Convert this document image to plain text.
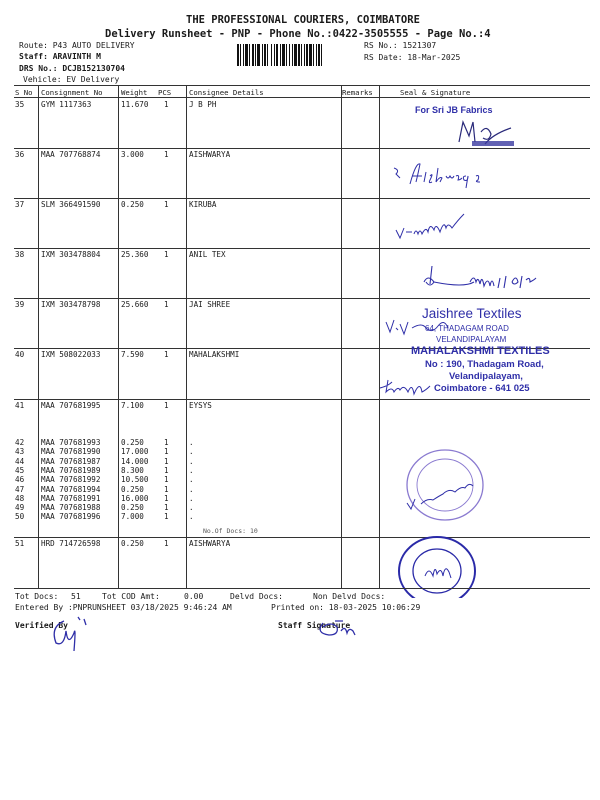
THE PROFESSIONAL COURIERS, COIMBATORE
Delivery Runsheet - PNP - Phone No.:0422-3505555 - Page No.:4
Route: P43 AUTO DELIVERY
Staff: ARAVINTH M
DRS No.: DCJB152130704
Vehicle: EV Delivery
RS No.: 1521307
RS Date: 18-Mar-2025
S No Consignment No	Weight PCS Consignee Details	Remarks	Seal & Signature
35 GYM 1117363	11.670 1	J B PH
36 MAA 707768874	3.000	1	AISHWARYA
37 SLM 366491590	0.250	1	KIRUBA
38 IXM 303478804	25.360 1	ANIL TEX
39 IXM 303478798	25.660 1	JAI SHREE
40 IXM 508022033	7.590	1	MAHALAKSHMI
41 MAA 707681995	7.100	1	EYSYS
42 MAA 707681993	0.250	1	.
43 MAA 707681990	17.000 1	.
44 MAA 707681987	14.000 1	.
45 MAA 707681989	8.300	1	.
46 MAA 707681992	10.500 1	.
47 MAA 707681994	0.250	1	.
48 MAA 707681991	16.000 1	.
49 MAA 707681988	0.250	1	.
50 MAA 707681996	7.000	1	.
51 HRD 714726598	0.250	1	AISHWARYA
No.Of Docs: 10
For Sri JB Fabrics
Jaishree Textiles
64, THADAGAM ROAD
VELANDIPALAYAM
MAHALAKSHMI TEXTILES
No : 190, Thadagam Road,
Velandipalayam,
Coimbatore - 641 025
Tot Docs: 51	Tot COD Amt:	0.00	Delvd Docs:	Non Delvd Docs:
Entered By :PNPRUNSHEET 03/18/2025 9:46:24 AM	Printed on: 18-03-2025 10:06:29
Verified By	Staff Signature
